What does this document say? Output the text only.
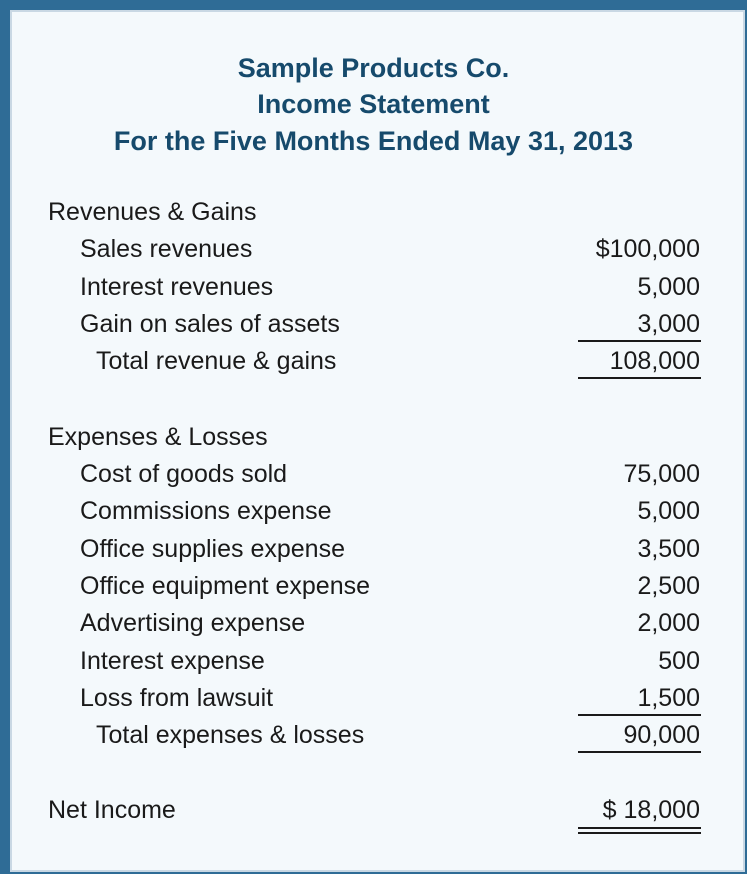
Sample Products Co.
Income Statement
For the Five Months Ended May 31, 2013
Revenues & Gains
Sales revenues	$100,000
Interest revenues	5,000
Gain on sales of assets	3,000
Total revenue & gains	108,000
Expenses & Losses
Cost of goods sold	75,000
Commissions expense	5,000
Office supplies expense	3,500
Office equipment expense	2,500
Advertising expense	2,000
Interest expense	500
Loss from lawsuit	1,500
Total expenses & losses	90,000
Net Income	$ 18,000
